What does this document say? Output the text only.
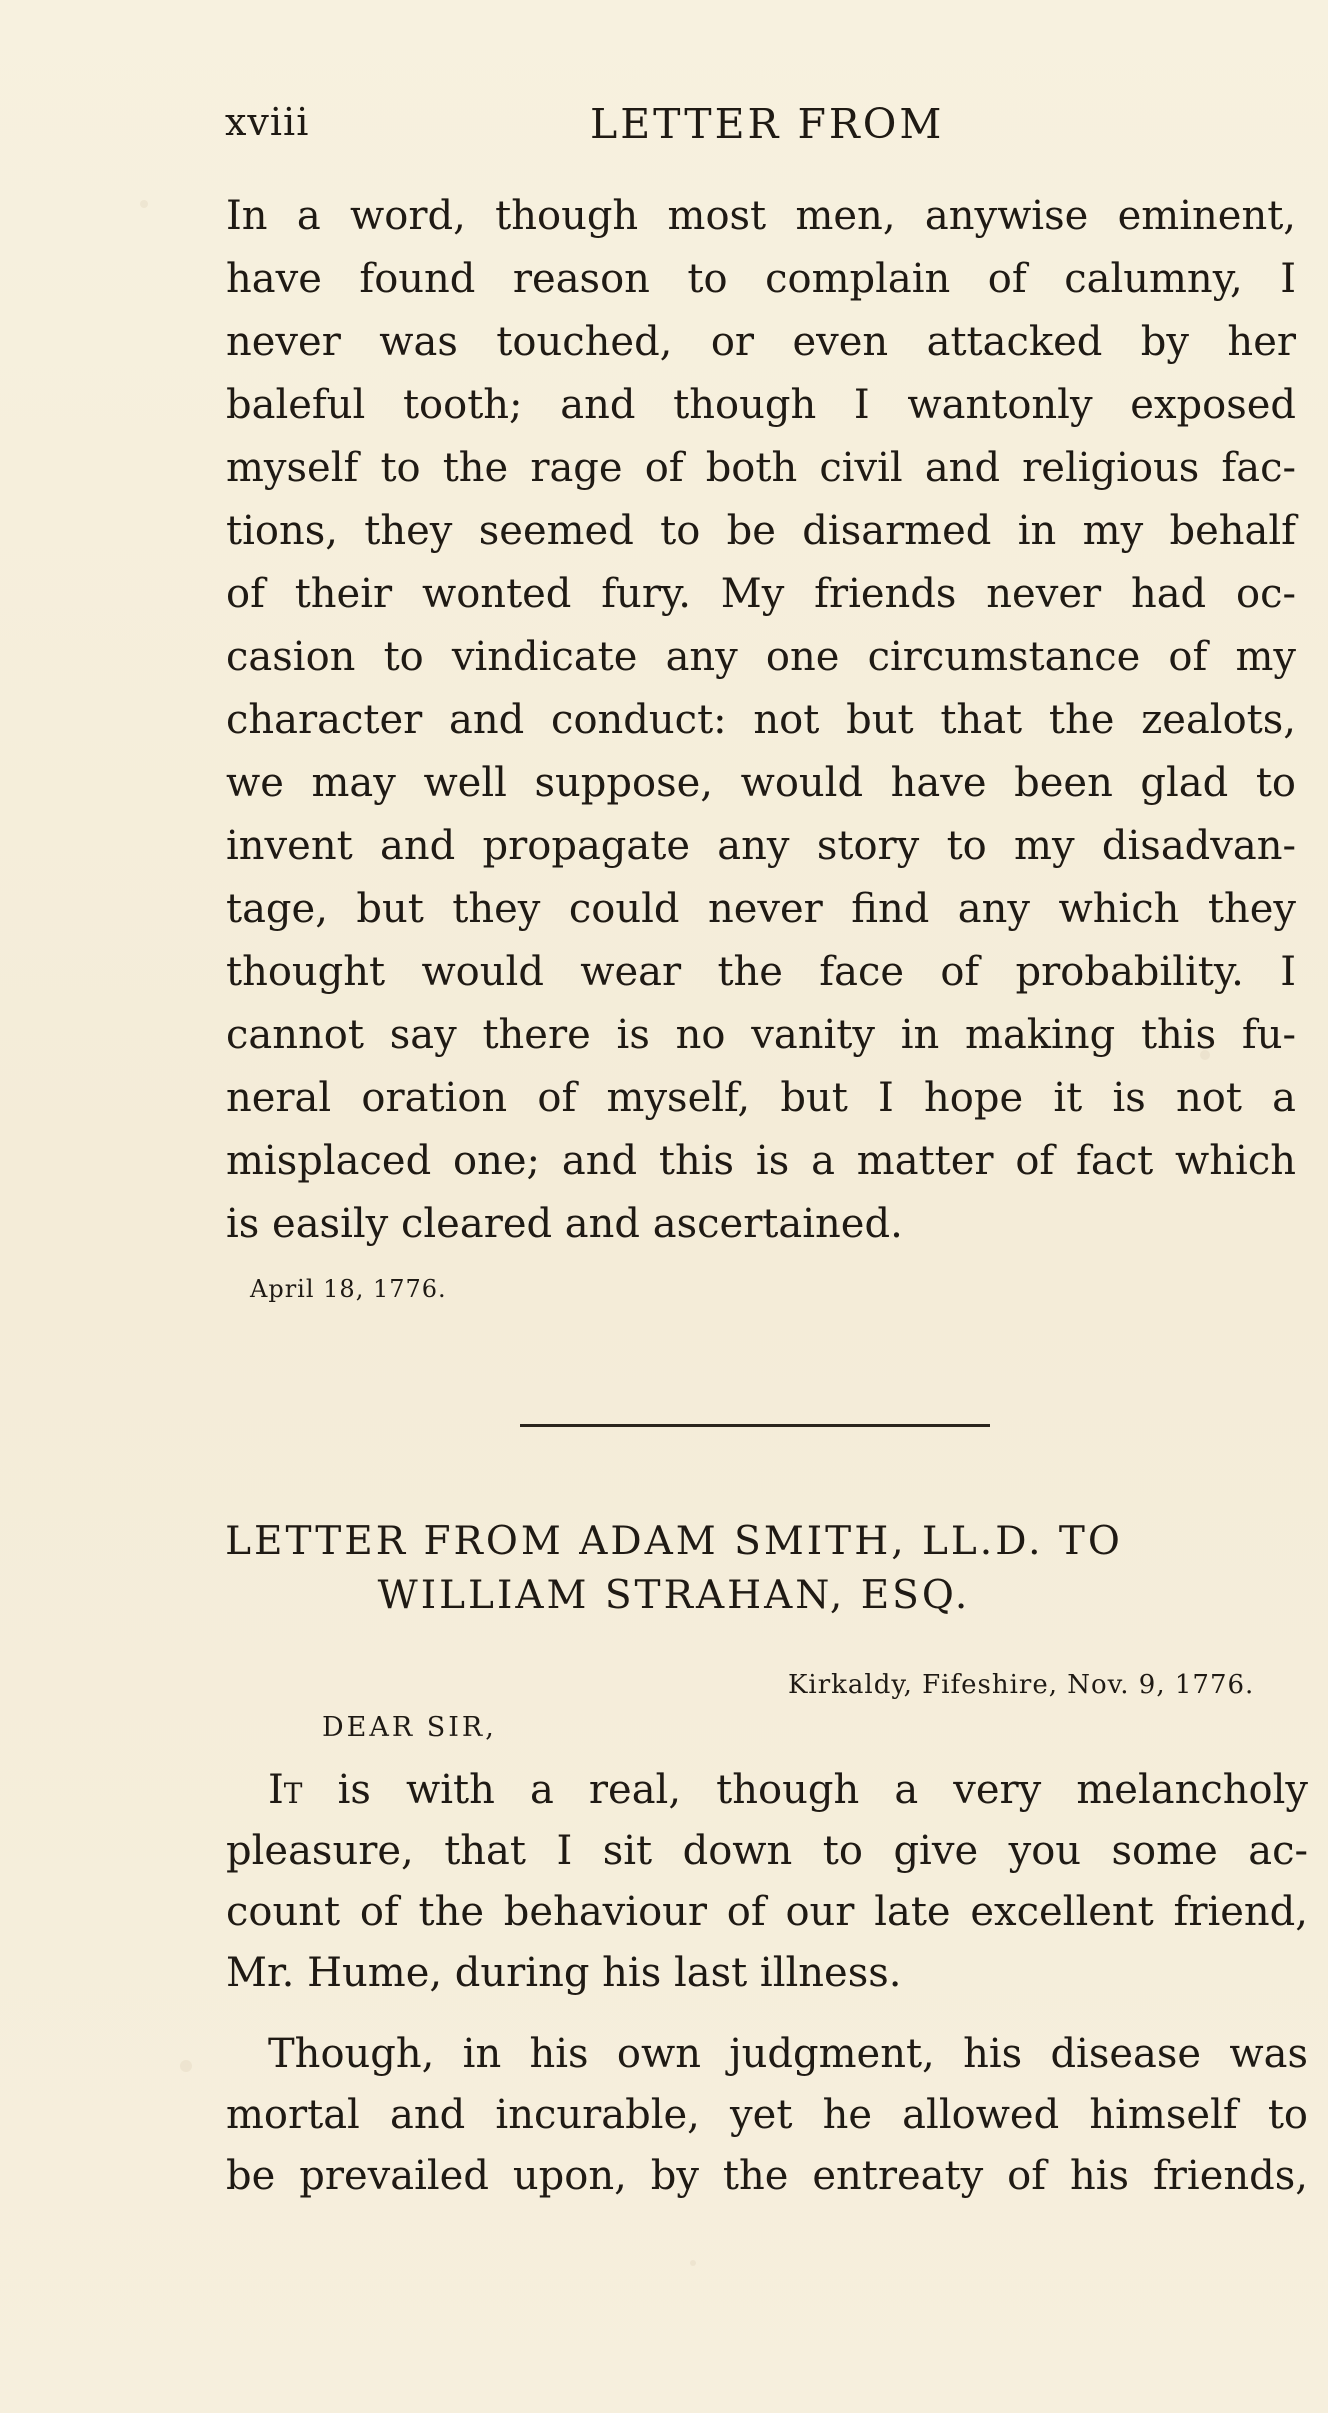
xviii	LETTER FROM
In a word, though most men, anywise eminent,
have found reason to complain of calumny, I
never was touched, or even attacked by her
baleful tooth; and though I wantonly exposed
myself to the rage of both civil and religious fac-
tions, they seemed to be disarmed in my behalf
of their wonted fury. My friends never had oc-
casion to vindicate any one circumstance of my
character and conduct: not but that the zealots,
we may well suppose, would have been glad to
invent and propagate any story to my disadvan-
tage, but they could never find any which they
thought would wear the face of probability. I
cannot say there is no vanity in making this fu-
neral oration of myself, but I hope it is not a
misplaced one; and this is a matter of fact which
is easily cleared and ascertained.
April 18, 1776.
LETTER FROM ADAM SMITH, LL.D. TO
WILLIAM STRAHAN, ESQ.
Kirkaldy, Fifeshire, Nov. 9, 1776.
DEAR SIR,
It is with a real, though a very melancholy
pleasure, that I sit down to give you some ac-
count of the behaviour of our late excellent friend,
Mr. Hume, during his last illness.
Though, in his own judgment, his disease was
mortal and incurable, yet he allowed himself to
be prevailed upon, by the entreaty of his friends,
